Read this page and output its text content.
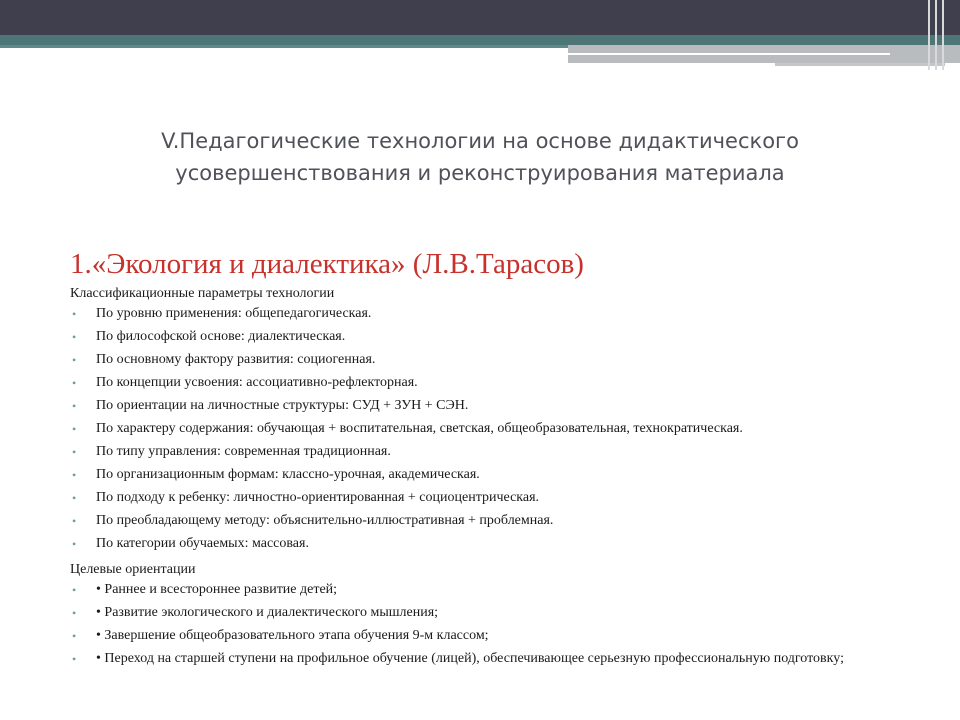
V.Педагогические технологии на основе дидактического усовершенствования и реконструирования материала
1.«Экология и диалектика» (Л.В.Тарасов)

Классификационные параметры технологии

• По уровню применения: общепедагогическая.
• По философской основе: диалектическая.
• По основному фактору развития: социогенная.
• По концепции усвоения: ассоциативно-рефлекторная.
• По ориентации на личностные структуры: СУД + ЗУН + СЭН.
• По характеру содержания: обучающая + воспитательная, светская, общеобразовательная, технократическая.
• По типу управления: современная традиционная.
• По организационным формам: классно-урочная, академическая.
• По подходу к ребенку: личностно-ориентированная + социоцентрическая.
• По преобладающему методу: объяснительно-иллюстративная + проблемная.
• По категории обучаемых: массовая.

Целевые ориентации

• • Раннее и всестороннее развитие детей;
• • Развитие экологического и диалектического мышления;
• • Завершение общеобразовательного этапа обучения 9-м классом;
• • Переход на старшей ступени на профильное обучение (лицей), обеспечивающее серьезную профессиональную подготовку;
